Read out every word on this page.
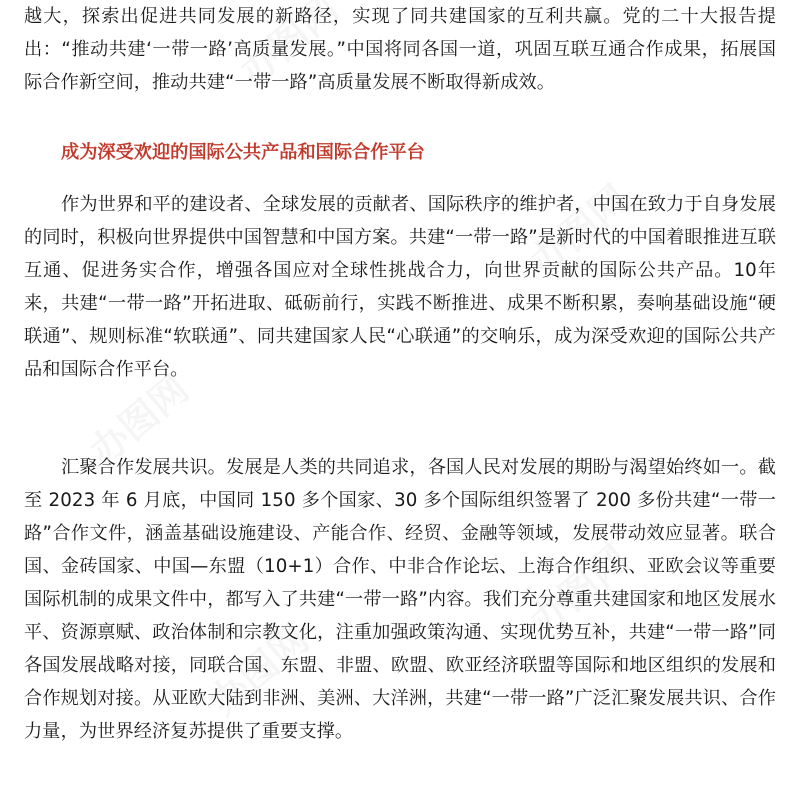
越大，探索出促进共同发展的新路径，实现了同共建国家的互利共赢。党的二十大报告提出：“推动共建‘一带一路’高质量发展。”中国将同各国一道，巩固互联互通合作成果，拓展国际合作新空间，推动共建“一带一路”高质量发展不断取得新成效。

成为深受欢迎的国际公共产品和国际合作平台

作为世界和平的建设者、全球发展的贡献者、国际秩序的维护者，中国在致力于自身发展的同时，积极向世界提供中国智慧和中国方案。共建“一带一路”是新时代的中国着眼推进互联互通、促进务实合作，增强各国应对全球性挑战合力，向世界贡献的国际公共产品。10年来，共建“一带一路”开拓进取、砥砺前行，实践不断推进、成果不断积累，奏响基础设施“硬联通”、规则标准“软联通”、同共建国家人民“心联通”的交响乐，成为深受欢迎的国际公共产品和国际合作平台。

汇聚合作发展共识。发展是人类的共同追求，各国人民对发展的期盼与渴望始终如一。截至 2023 年 6 月底，中国同 150 多个国家、30 多个国际组织签署了 200 多份共建“一带一路”合作文件，涵盖基础设施建设、产能合作、经贸、金融等领域，发展带动效应显著。联合国、金砖国家、中国—东盟（10+1）合作、中非合作论坛、上海合作组织、亚欧会议等重要国际机制的成果文件中，都写入了共建“一带一路”内容。我们充分尊重共建国家和地区发展水平、资源禀赋、政治体制和宗教文化，注重加强政策沟通、实现优势互补，共建“一带一路”同各国发展战略对接，同联合国、东盟、非盟、欧盟、欧亚经济联盟等国际和地区组织的发展和合作规划对接。从亚欧大陆到非洲、美洲、大洋洲，共建“一带一路”广泛汇聚发展共识、合作力量，为世界经济复苏提供了重要支撑。
